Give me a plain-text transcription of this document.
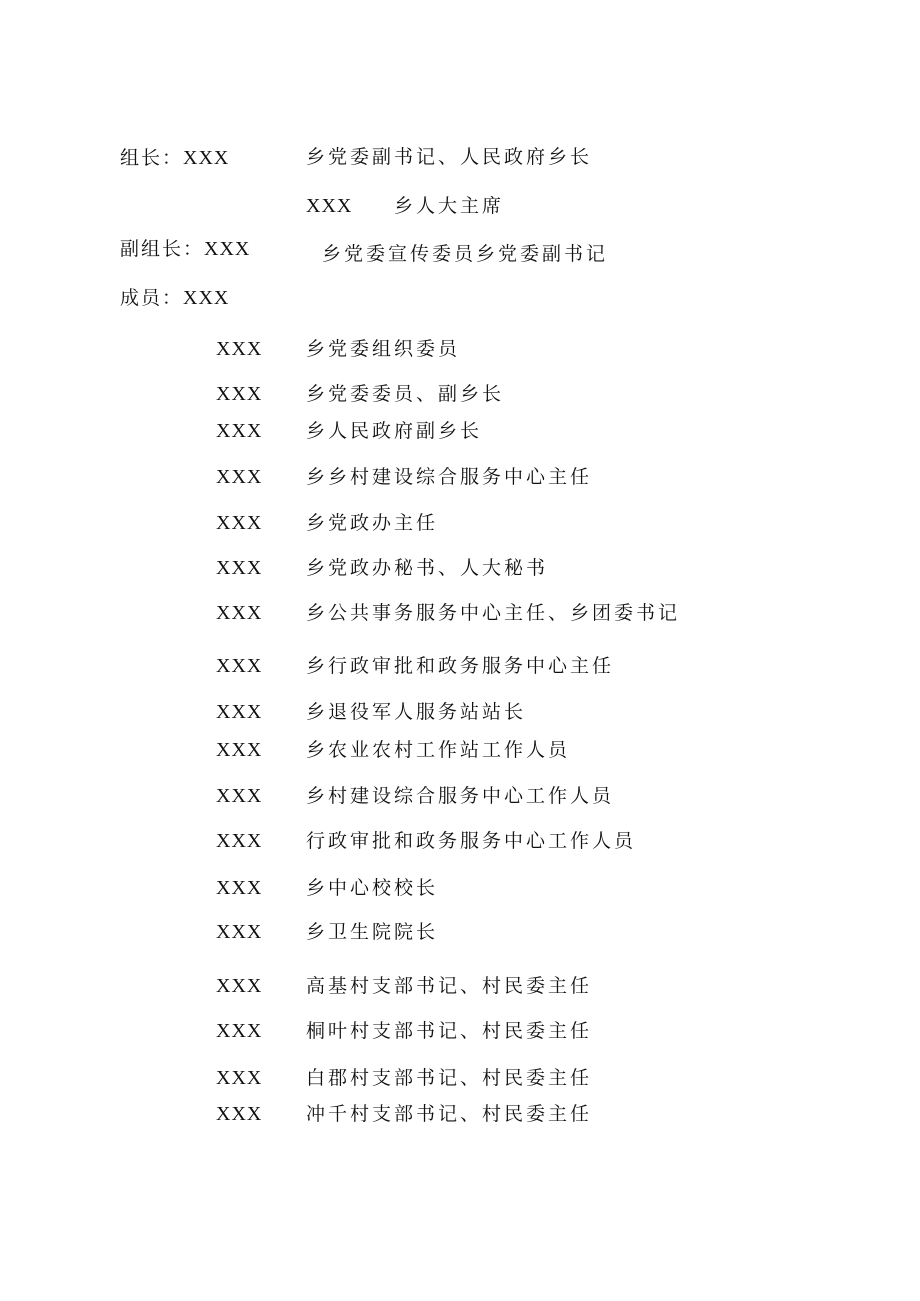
组长：XXX	乡党委副书记、人民政府乡长
XXX 乡人大主席
副组长：XXX	乡党委宣传委员乡党委副书记
成员：XXX
XXX 乡党委组织委员
XXX 乡党委委员、副乡长
XXX 乡人民政府副乡长
XXX 乡乡村建设综合服务中心主任
XXX 乡党政办主任
XXX 乡党政办秘书、人大秘书
XXX 乡公共事务服务中心主任、乡团委书记
XXX 乡行政审批和政务服务中心主任
XXX 乡退役军人服务站站长
XXX 乡农业农村工作站工作人员
XXX 乡村建设综合服务中心工作人员
XXX 行政审批和政务服务中心工作人员
XXX 乡中心校校长
XXX 乡卫生院院长
XXX 高基村支部书记、村民委主任
XXX 桐叶村支部书记、村民委主任
XXX 白郡村支部书记、村民委主任
XXX 冲千村支部书记、村民委主任
